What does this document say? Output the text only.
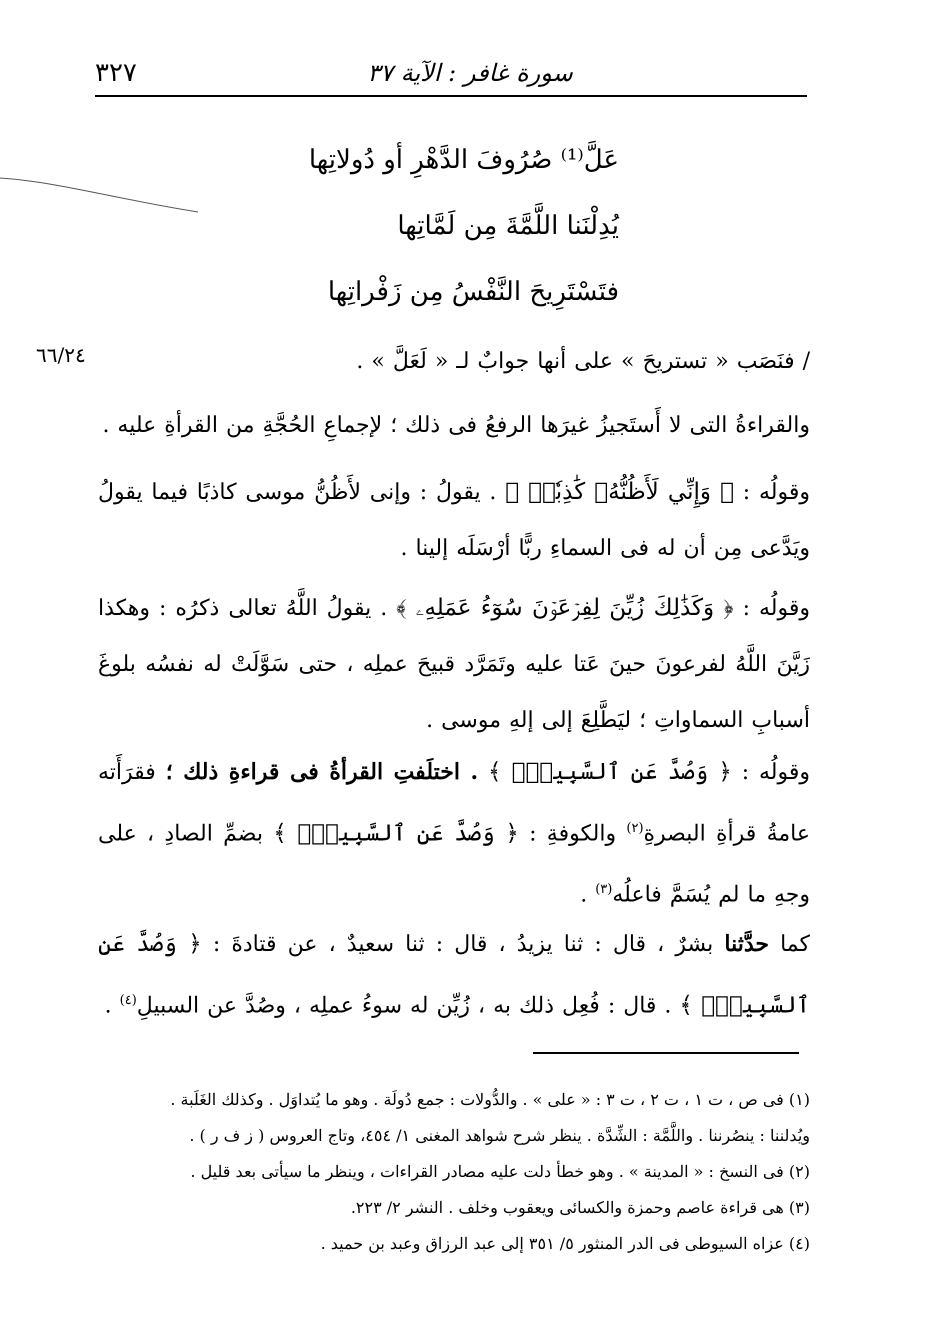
٣٢٧	سورة غافر : الآية ٣٧
عَلَّ⁽¹⁾ صُرُوفَ الدَّهْرِ أو دُولاتِها
يُدِلْنَنا اللَّمَّةَ مِن لَمَّاتِها
فتَسْتَرِيحَ النَّفْسُ مِن زَفْراتِها
٦٦/٢٤	/ فنَصَب « تستريحَ » على أنها جوابٌ لـ « لَعَلَّ » .
والقراءةُ التى لا أَستَجيزُ غيرَها الرفعُ فى ذلك ؛ لإجماعِ الحُجَّةِ من القرأةِ عليه .
وقولُه : ﴿ وَإِنِّي لَأَظُنُّهُۥ كَٰذِبٗاۚ ﴾ . يقولُ : وإنى لأَظُنُّ موسى كاذبًا فيما يقولُ ويَدَّعى مِن أن له فى السماءِ ربًّا أرْسَلَه إلينا .
وقولُه : ﴿ وَكَذَٰلِكَ زُيِّنَ لِفِرۡعَوۡنَ سُوٓءُ عَمَلِهِۦ ﴾ . يقولُ اللَّهُ تعالى ذكرُه : وهكذا زَيَّنَ اللَّهُ لفرعونَ حينَ عَتا عليه وتَمَرَّد قبيحَ عملِه ، حتى سَوَّلَتْ له نفسُه بلوغَ أسبابِ السماواتِ ؛ ليَطَّلِعَ إلى إلهِ موسى .
وقولُه : ﴿ وَصُدَّ عَنِ ٱلسَّبِيلِۚ ﴾ . اختلَفتِ القرأةُ فى قراءةِ ذلك ؛ فقرَأَته عامةُ قرأةِ البصرةِ$^{(٢)}$ والكوفةِ : ﴿ وَصُدَّ عَنِ ٱلسَّبِيلِۚ ﴾ بضمِّ الصادِ ، على وجهِ ما لم يُسَمَّ فاعلُه$^{(٣)}$ .
كما حدَّثنا بشرٌ ، قال : ثنا يزيدُ ، قال : ثنا سعيدٌ ، عن قتادةَ : ﴿ وَصُدَّ عَنِ ٱلسَّبِيلِۚ ﴾ . قال : فُعِل ذلك به ، زُيِّن له سوءُ عملِه ، وصُدَّ عن السبيلِ$^{(٤)}$ .
(١) فى ص ، ت ١ ، ت ٢ ، ت ٣ : « على » . والدُّولات : جمع دُولَة . وهو ما يُتداوَل . وكذلك الغَلَبة .
ويُدلننا : ينصُرننا . واللَّمَّة : الشِّدَّة . ينظر شرح شواهد المغنى ١/ ٤٥٤، وتاج العروس ( ز ف ر ) .
(٢) فى النسخ : « المدينة » . وهو خطأ دلت عليه مصادر القراءات ، وينظر ما سيأتى بعد قليل .
(٣) هى قراءة عاصم وحمزة والكسائى ويعقوب وخلف . النشر ٢/ ٢٢٣.
(٤) عزاه السيوطى فى الدر المنثور ٥/ ٣٥١ إلى عبد الرزاق وعبد بن حميد .
